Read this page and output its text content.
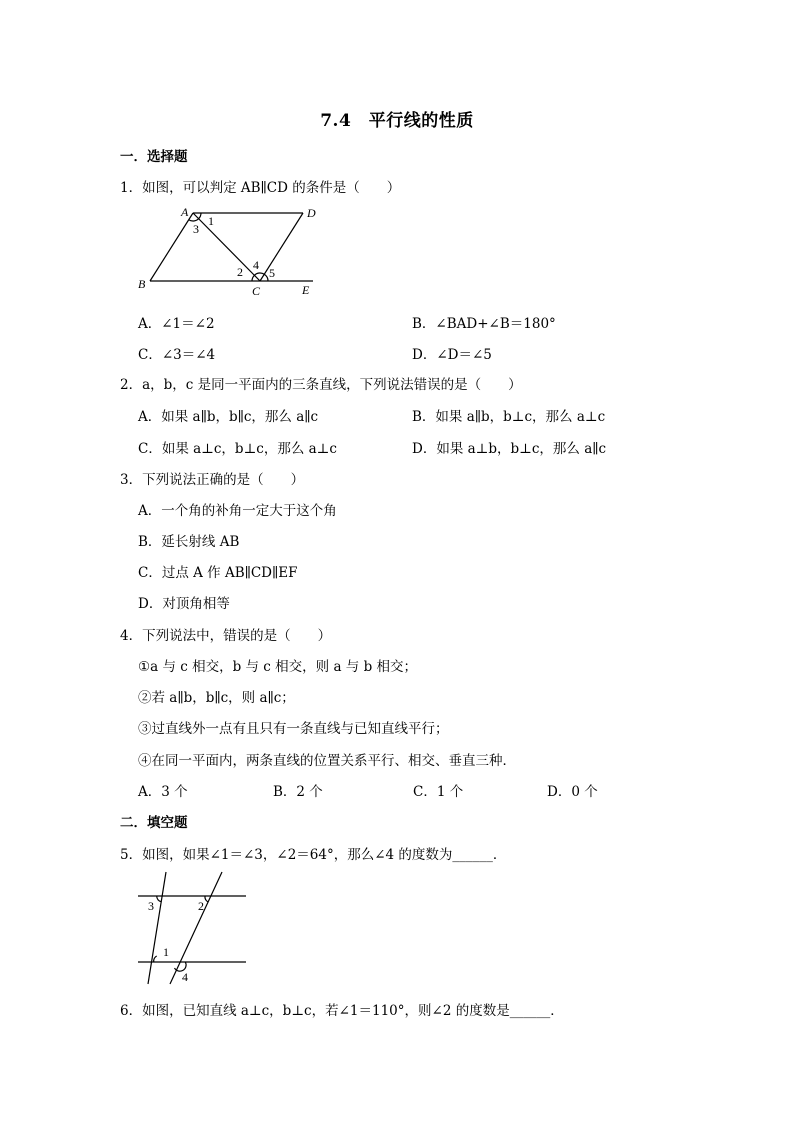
7.4　平行线的性质
一．选择题
1．如图，可以判定 AB∥CD 的条件是（　　）
A	D
B	C	E
1
2
3
4
5
A．∠1＝∠2	B．∠BAD+∠B＝180°
C．∠3＝∠4	D．∠D＝∠5
2．a，b，c 是同一平面内的三条直线，下列说法错误的是（　　）
A．如果 a∥b，b∥c，那么 a∥c	B．如果 a∥b，b⊥c，那么 a⊥c
C．如果 a⊥c，b⊥c，那么 a⊥c	D．如果 a⊥b，b⊥c，那么 a∥c
3．下列说法正确的是（　　）
A．一个角的补角一定大于这个角
B．延长射线 AB
C．过点 A 作 AB∥CD∥EF
D．对顶角相等
4．下列说法中，错误的是（　　）
①a 与 c 相交，b 与 c 相交，则 a 与 b 相交；
②若 a∥b，b∥c，则 a∥c；
③过直线外一点有且只有一条直线与已知直线平行；
④在同一平面内，两条直线的位置关系平行、相交、垂直三种．
A．3 个	B．2 个	C．1 个	D．0 个
二．填空题
5．如图，如果∠1＝∠3，∠2＝64°，那么∠4 的度数为______．
3	2
1
4
6．如图，已知直线 a⊥c，b⊥c，若∠1＝110°，则∠2 的度数是______．
